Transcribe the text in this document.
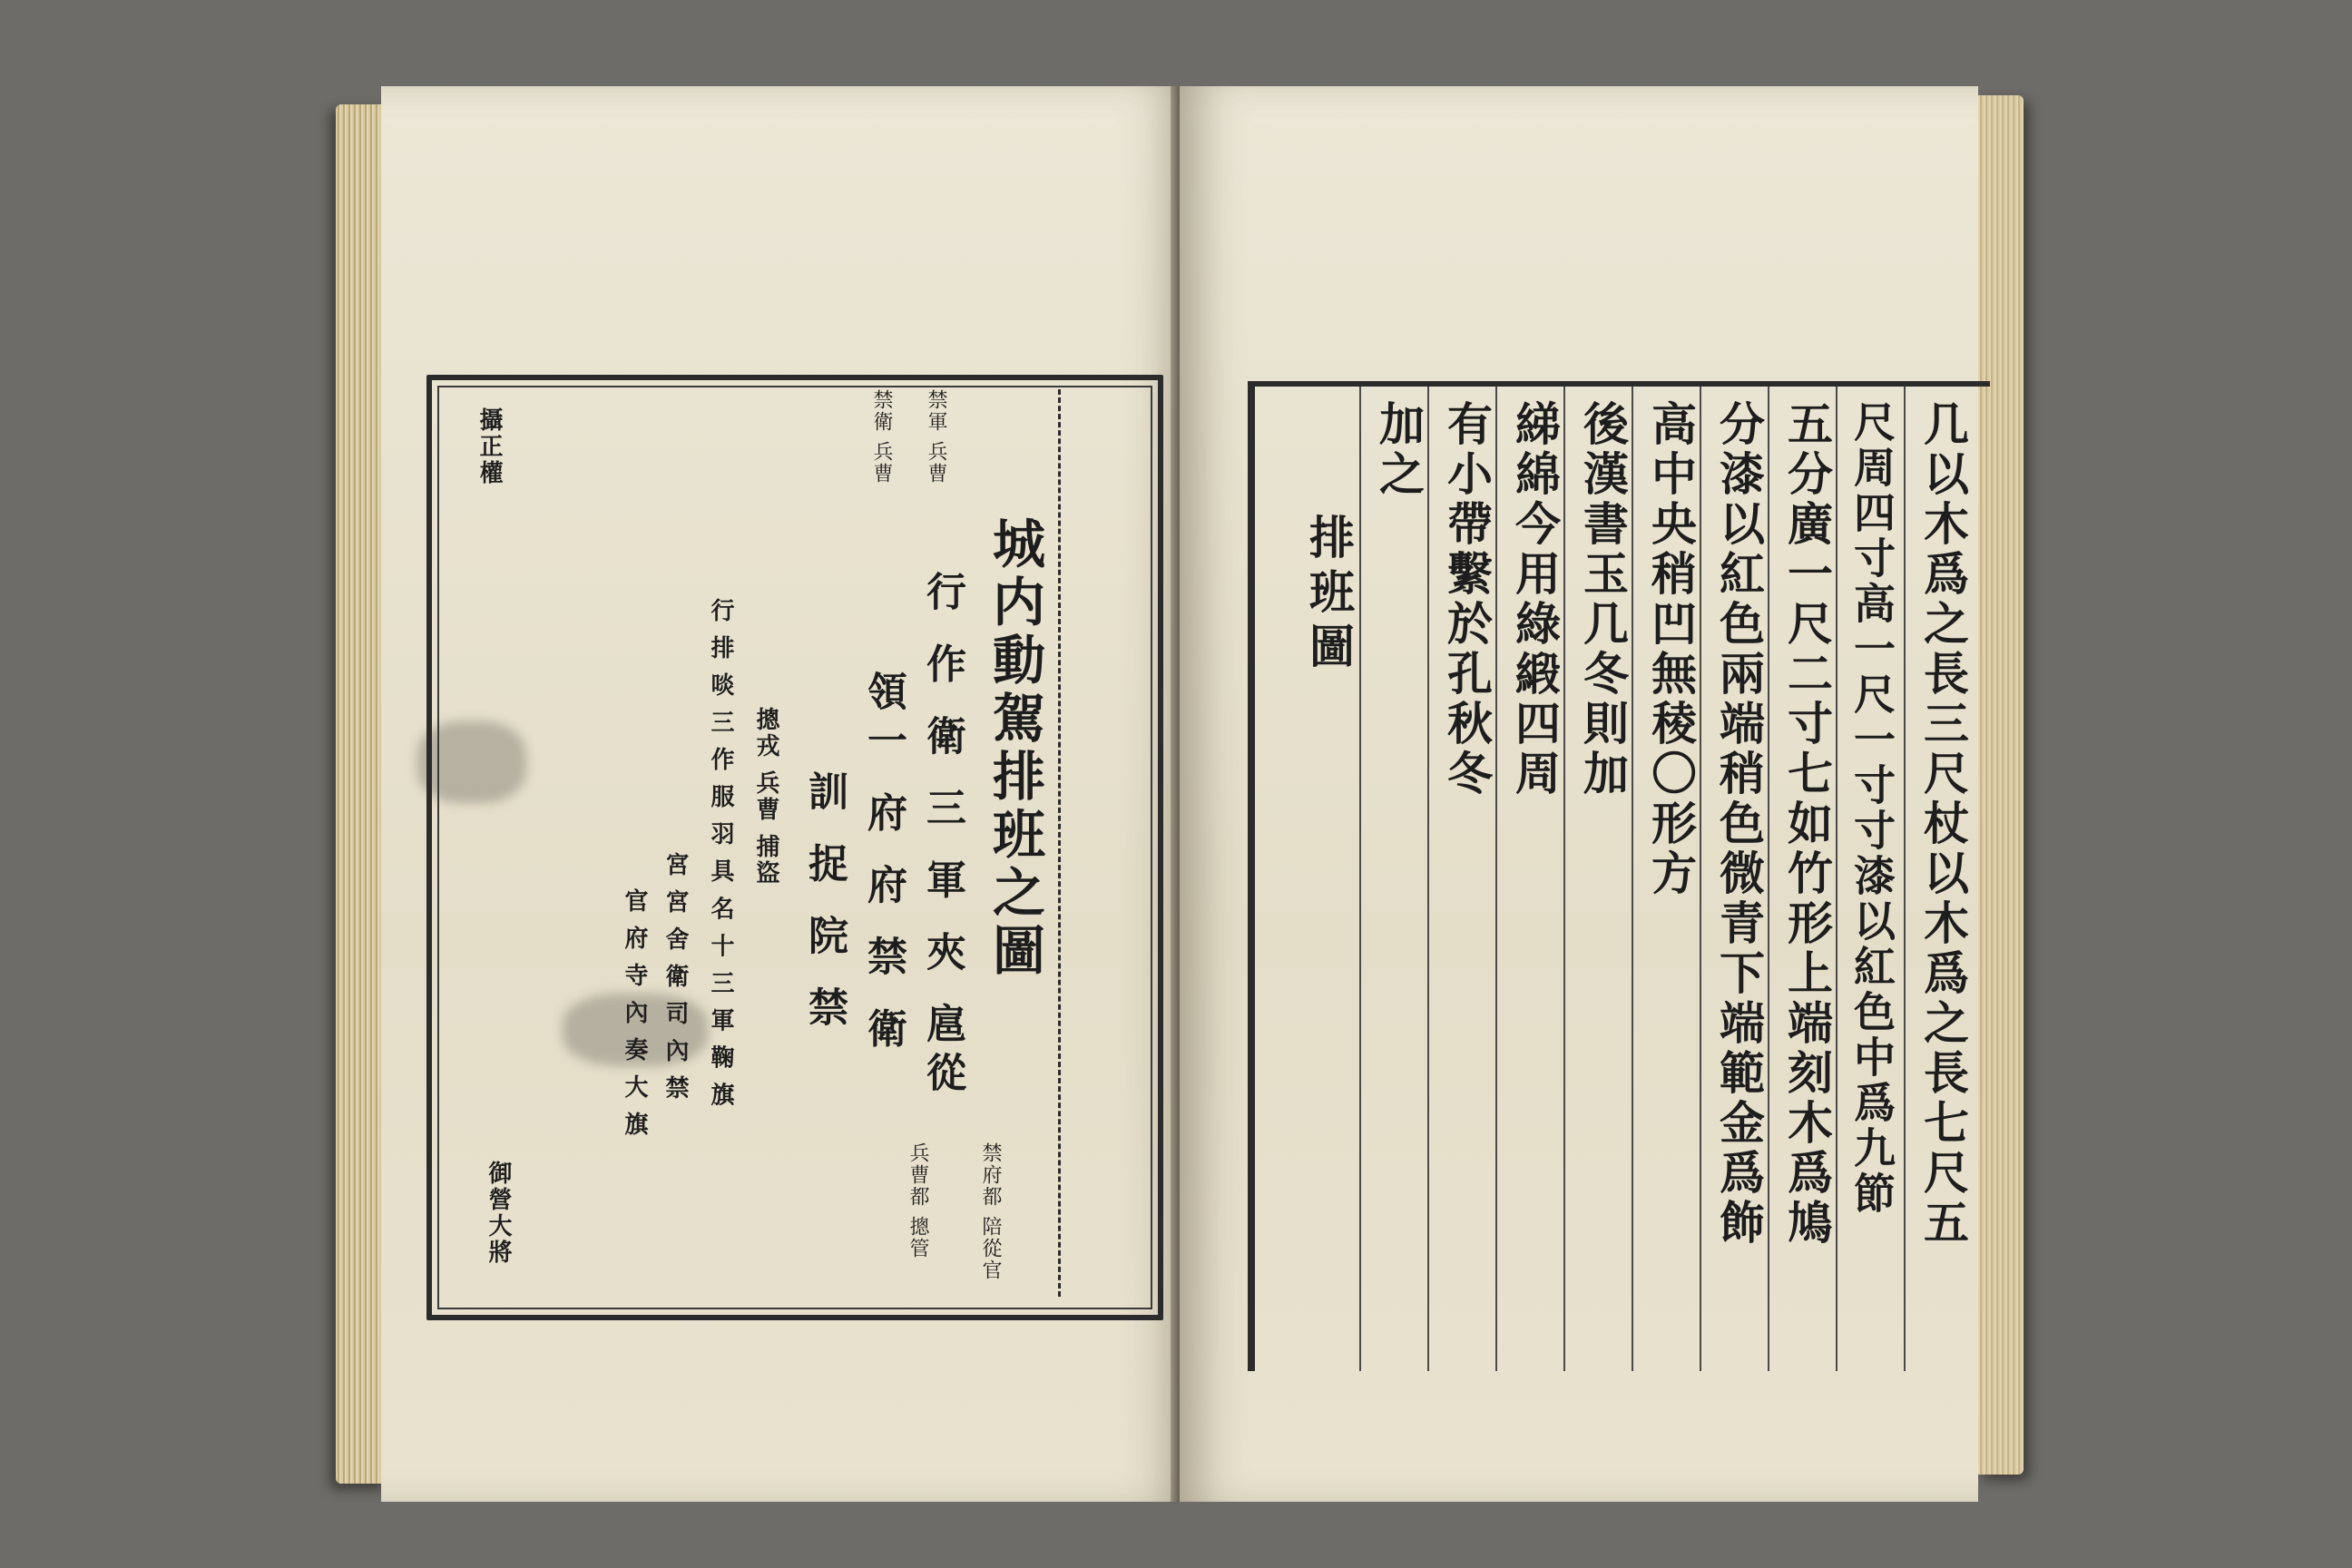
城内動駕排班之圖
行 作 衛 三 軍 夾 扈從
領一 府 府 禁 衛
訓 捉 院 禁
摠戎 兵曹 捕盜
行 排 啖 三 作 服 羽 具 名 十 三 軍 鞠 旗
宮 宮 舍 衛 司 內 禁
官 府 寺 內 奏 大 旗
禁軍 兵曹
禁衛 兵曹
禁府都 陪從官
兵曹都 摠管
御營大將
攝正權	几以木爲之長三尺杖以木爲之長七尺五
尺周四寸高一尺一寸寸漆以紅色中爲九節
五分廣一尺二寸七如竹形上端刻木爲鳩
分漆以紅色兩端稍色微青下端範金爲飾
高中央稍凹無稜〇形方
後漢書玉几冬則加
綈綿今用綠緞四周
有小帶繫於孔秋冬
加之
排班圖
